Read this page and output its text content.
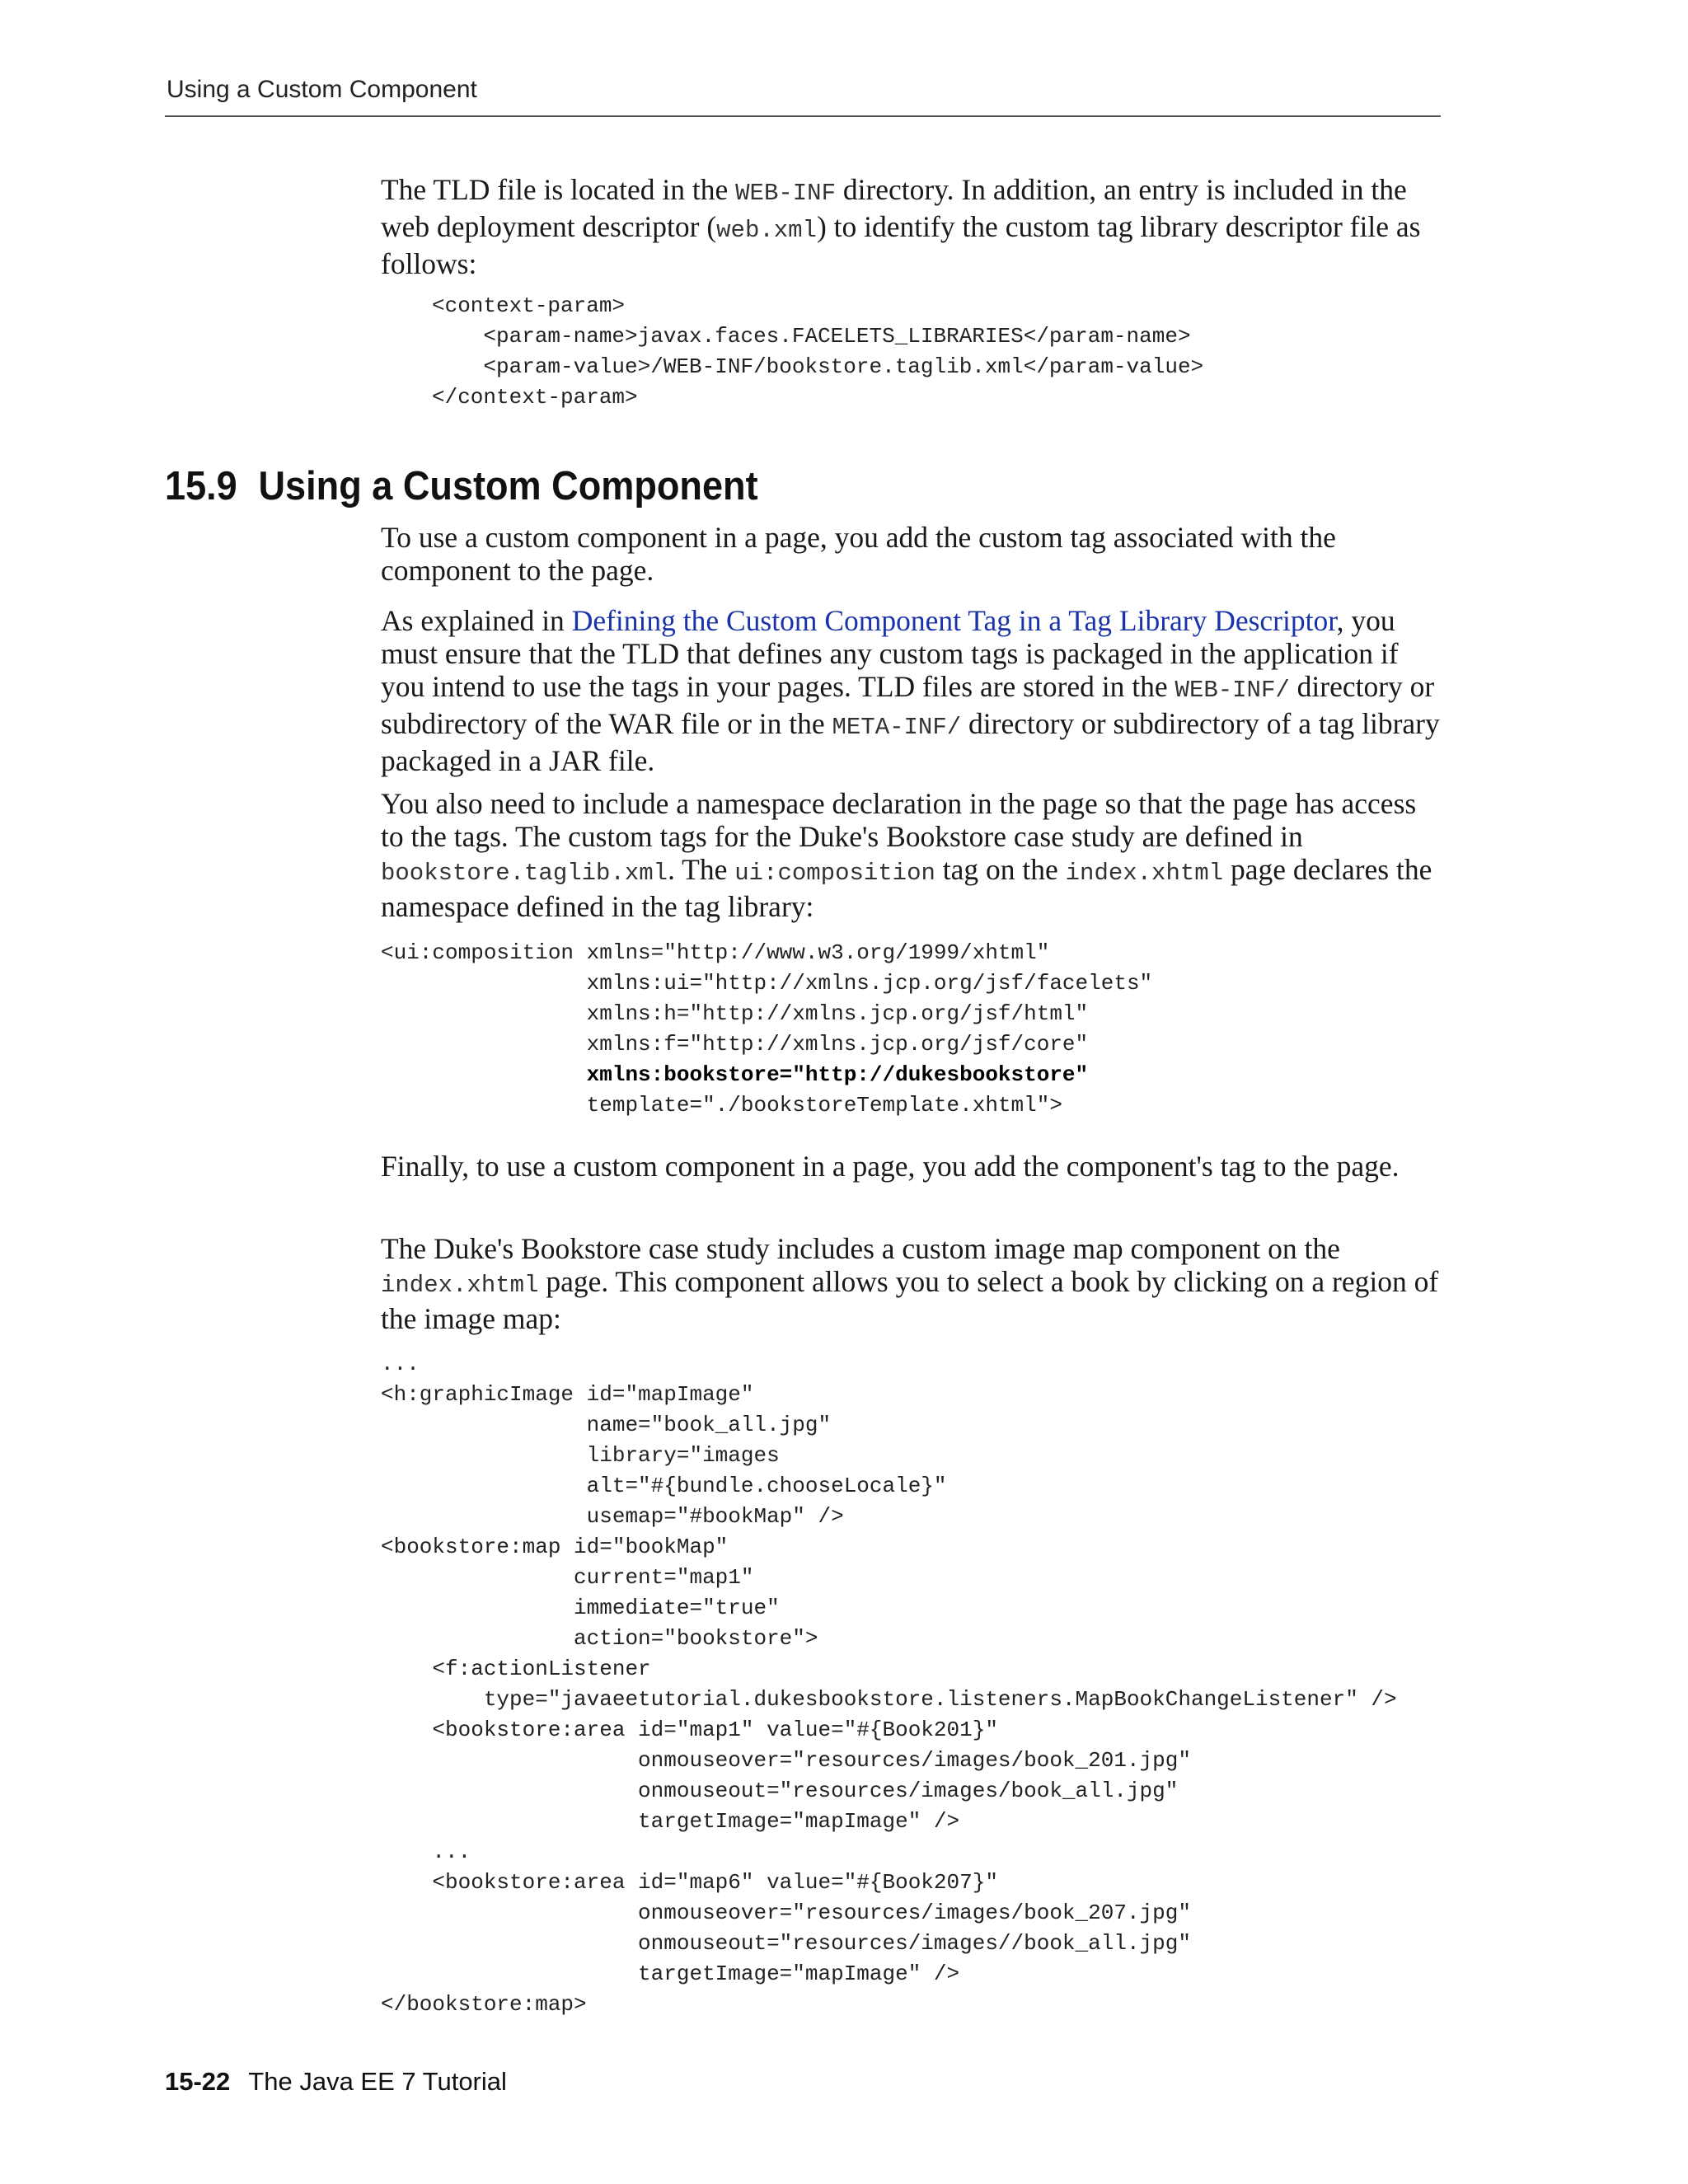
Using a Custom Component

The TLD file is located in the WEB-INF directory. In addition, an entry is included in the web deployment descriptor (web.xml) to identify the custom tag library descriptor file as follows:

<context-param>
<param-name>javax.faces.FACELETS_LIBRARIES</param-name>
<param-value>/WEB-INF/bookstore.taglib.xml</param-value>
</context-param>
15.9 Using a Custom Component

To use a custom component in a page, you add the custom tag associated with the component to the page.

As explained in Defining the Custom Component Tag in a Tag Library Descriptor, you must ensure that the TLD that defines any custom tags is packaged in the application if you intend to use the tags in your pages. TLD files are stored in the WEB-INF/ directory or subdirectory of the WAR file or in the META-INF/ directory or subdirectory of a tag library packaged in a JAR file.

You also need to include a namespace declaration in the page so that the page has access to the tags. The custom tags for the Duke's Bookstore case study are defined in bookstore.taglib.xml. The ui:composition tag on the index.xhtml page declares the namespace defined in the tag library:

<ui:composition xmlns="http://www.w3.org/1999/xhtml"
xmlns:ui="http://xmlns.jcp.org/jsf/facelets"
xmlns:h="http://xmlns.jcp.org/jsf/html"
xmlns:f="http://xmlns.jcp.org/jsf/core"
xmlns:bookstore="http://dukesbookstore"
template="./bookstoreTemplate.xhtml">

Finally, to use a custom component in a page, you add the component's tag to the page.

The Duke's Bookstore case study includes a custom image map component on the index.xhtml page. This component allows you to select a book by clicking on a region of the image map:

...
<h:graphicImage id="mapImage"
name="book_all.jpg"
library="images
alt="#{bundle.chooseLocale}"
usemap="#bookMap" />
<bookstore:map id="bookMap"
current="map1"
immediate="true"
action="bookstore">
<f:actionListener
type="javaeetutorial.dukesbookstore.listeners.MapBookChangeListener" />
<bookstore:area id="map1" value="#{Book201}"
onmouseover="resources/images/book_201.jpg"
onmouseout="resources/images/book_all.jpg"
targetImage="mapImage" />
...
<bookstore:area id="map6" value="#{Book207}"
onmouseover="resources/images/book_207.jpg"
onmouseout="resources/images//book_all.jpg"
targetImage="mapImage" />
</bookstore:map>
15-22 The Java EE 7 Tutorial
